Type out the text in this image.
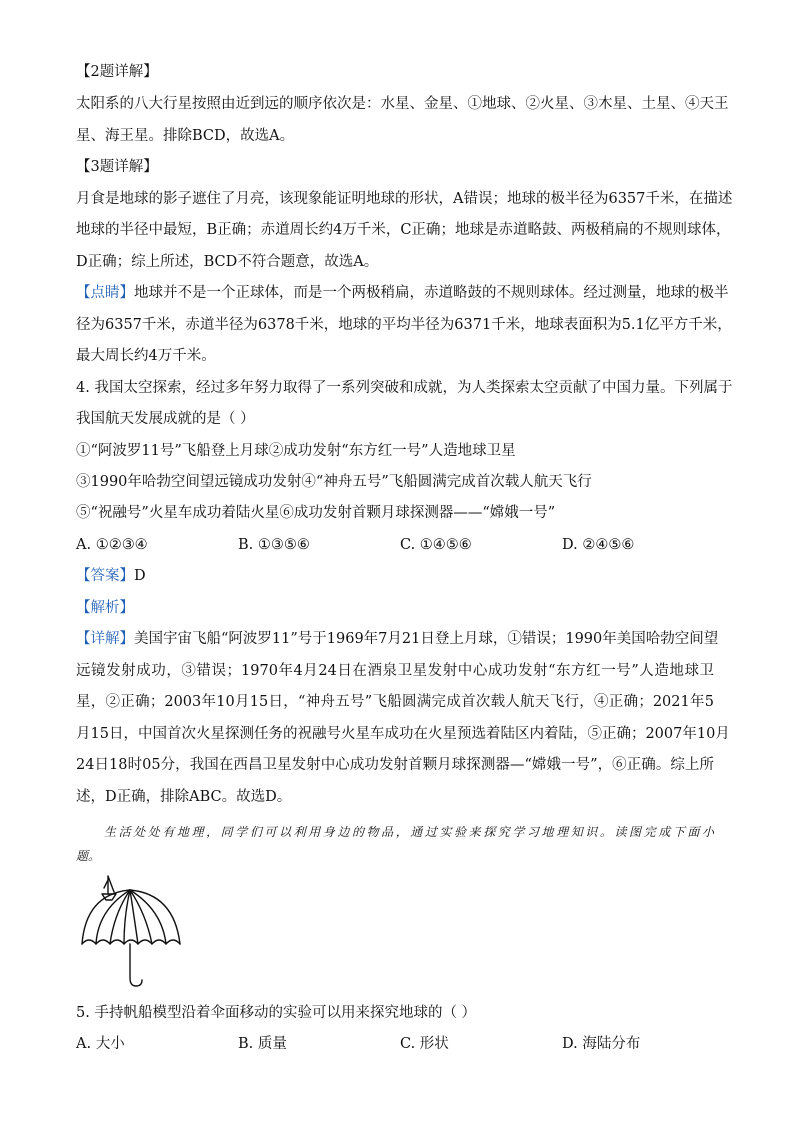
【2题详解】
太阳系的八大行星按照由近到远的顺序依次是：水星、金星、①地球、②火星、③木星、土星、④天王
星、海王星。排除BCD，故选A。
【3题详解】
月食是地球的影子遮住了月亮，该现象能证明地球的形状，A错误；地球的极半径为6357千米，在描述
地球的半径中最短，B正确；赤道周长约4万千米，C正确；地球是赤道略鼓、两极稍扁的不规则球体，
D正确；综上所述，BCD不符合题意，故选A。
【点睛】地球并不是一个正球体，而是一个两极稍扁，赤道略鼓的不规则球体。经过测量，地球的极半
径为6357千米，赤道半径为6378千米，地球的平均半径为6371千米，地球表面积为5.1亿平方千米，
最大周长约4万千米。
4. 我国太空探索，经过多年努力取得了一系列突破和成就，为人类探索太空贡献了中国力量。下列属于
我国航天发展成就的是（ ）
①“阿波罗11号”飞船登上月球②成功发射“东方红一号”人造地球卫星
③1990年哈勃空间望远镜成功发射④“神舟五号”飞船圆满完成首次载人航天飞行
⑤“祝融号”火星车成功着陆火星⑥成功发射首颗月球探测器——“嫦娥一号”
A. ①②③④	B. ①③⑤⑥	C. ①④⑤⑥	D. ②④⑤⑥
【答案】D
【解析】
【详解】美国宇宙飞船“阿波罗11”号于1969年7月21日登上月球，①错误；1990年美国哈勃空间望
远镜发射成功，③错误；1970年4月24日在酒泉卫星发射中心成功发射“东方红一号”人造地球卫
星，②正确；2003年10月15日，“神舟五号”飞船圆满完成首次载人航天飞行，④正确；2021年5
月15日，中国首次火星探测任务的祝融号火星车成功在火星预选着陆区内着陆，⑤正确；2007年10月
24日18时05分，我国在西昌卫星发射中心成功发射首颗月球探测器—“嫦娥一号”，⑥正确。综上所
述，D正确，排除ABC。故选D。
生活处处有地理，同学们可以利用身边的物品，通过实验来探究学习地理知识。读图完成下面小
题。
5. 手持帆船模型沿着伞面移动的实验可以用来探究地球的（ ）
A. 大小	B. 质量	C. 形状	D. 海陆分布
